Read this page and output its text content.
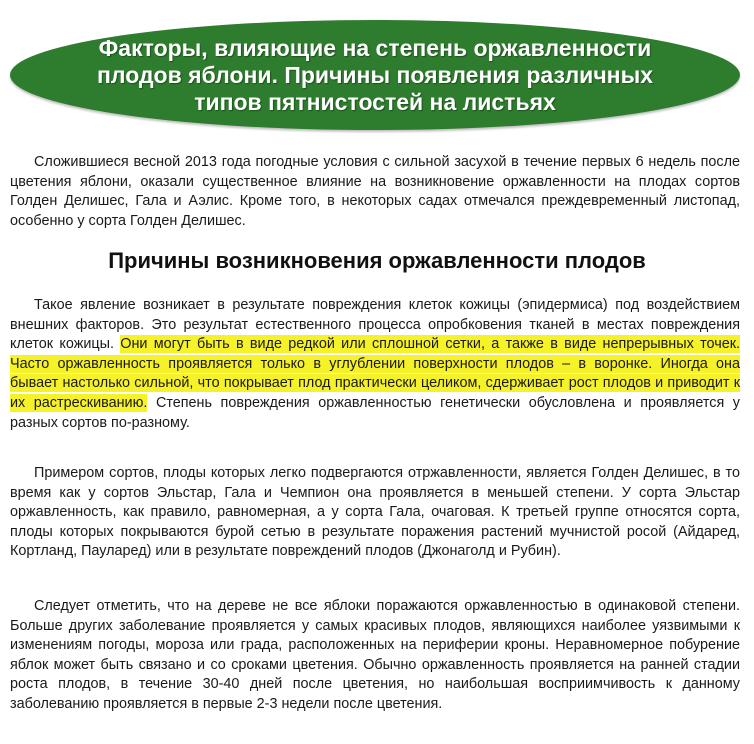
Факторы, влияющие на степень оржавленности плодов яблони. Причины появления различных типов пятнистостей на листьях

Сложившиеся весной 2013 года погодные условия с сильной засухой в течение первых 6 недель после цветения яблони, оказали существенное влияние на возникновение оржавленности на плодах сортов Голден Делишес, Гала и Аэлис. Кроме того, в некоторых садах отмечался преждевременный листопад, особенно у сорта Голден Делишес.

Причины возникновения оржавленности плодов

Такое явление возникает в результате повреждения клеток кожицы (эпидермиса) под воздействием внешних факторов. Это результат естественного процесса опробковения тканей в местах повреждения клеток кожицы. Они могут быть в виде редкой или сплошной сетки, а также в виде непрерывных точек. Часто оржавленность проявляется только в углублении поверхности плодов – в воронке. Иногда она бывает настолько сильной, что покрывает плод практически целиком, сдерживает рост плодов и приводит к их растрескиванию. Степень повреждения оржавленностью генетически обусловлена и проявляется у разных сортов по-разному.

Примером сортов, плоды которых легко подвергаются отржавленности, является Голден Делишес, в то время как у сортов Эльстар, Гала и Чемпион она проявляется в меньшей степени. У сорта Эльстар оржавленность, как правило, равномерная, а у сорта Гала, очаговая. К третьей группе относятся сорта, плоды которых покрываются бурой сетью в результате поражения растений мучнистой росой (Айдаред, Кортланд, Пауларед) или в результате повреждений плодов (Джонаголд и Рубин).

Следует отметить, что на дереве не все яблоки поражаются оржавленностью в одинаковой степени. Больше других заболевание проявляется у самых красивых плодов, являющихся наиболее уязвимыми к изменениям погоды, мороза или града, расположенных на периферии кроны. Неравномерное побурение яблок может быть связано и со сроками цветения. Обычно оржавленность проявляется на ранней стадии роста плодов, в течение 30-40 дней после цветения, но наибольшая восприимчивость к данному заболеванию проявляется в первые 2-3 недели после цветения.
